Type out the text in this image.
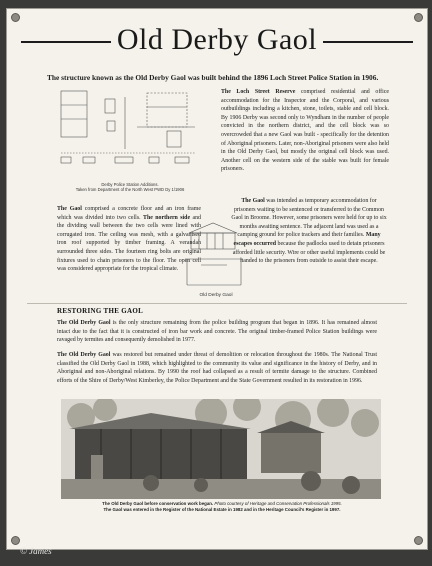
Old Derby Gaol
The structure known as the Old Derby Gaol was built behind the 1896 Loch Street Police Station in 1906.
Derby Police Station Additions.
Taken from Department of the North West PWD Dy 1/1906
The Loch Street Reserve comprised residential and office accommodation for the Inspector and the Corporal, and various outbuildings including a kitchen, stone, toilets, stable and cell block. By 1906 Derby was second only to Wyndham in the number of people convicted in the northern district, and the cell block was so overcrowded that a new Gaol was built - specifically for the detention of Aboriginal prisoners. Later, non-Aboriginal prisoners were also held in the Old Derby Gaol, but mostly the original cell block was used. Another cell on the western side of the stable was built for female prisoners.
The Gaol comprised a concrete floor and an iron frame which was divided into two cells. The northern side and the dividing wall between the two cells were lined with corrugated iron. The ceiling was mesh, with a galvanised iron roof supported by timber framing. A verandah surrounded three sides. The fourteen ring bolts are original fixtures used to chain prisoners to the floor. The open cell was considered appropriate for the tropical climate.
Old Derby Gaol
The Gaol was intended as temporary accommodation for prisoners waiting to be sentenced or transferred to the Common Gaol in Broome. However, some prisoners were held for up to six months awaiting sentence. The adjacent land was used as a camping ground for police trackers and their families. Many escapes occurred because the padlocks used to detain prisoners afforded little security. Wire or other useful implements could be handed to the prisoners from outside to assist their escape.
RESTORING THE GAOL
The Old Derby Gaol is the only structure remaining from the police building program that began in 1896. It has remained almost intact due to the fact that it is constructed of iron bar work and concrete. The original timber-framed Police Station buildings were ravaged by termites and consequently demolished in 1977.
The Old Derby Gaol was restored but remained under threat of demolition or relocation throughout the 1980s. The National Trust classified the Old Derby Gaol in 1988, which highlighted to the community its value and significance in the history of Derby, and in Aboriginal and non-Aboriginal relations. By 1990 the roof had collapsed as a result of termite damage to the structure. Combined efforts of the Shire of Derby/West Kimberley, the Police Department and the State Government resulted in its restoration in 1996.
The Old Derby Gaol before conservation work began. Photo courtesy of Heritage and Conservation Professionals 1995.
The Gaol was entered in the Register of the National Estate in 1982 and in the Heritage Council's Register in 1997.
© James
